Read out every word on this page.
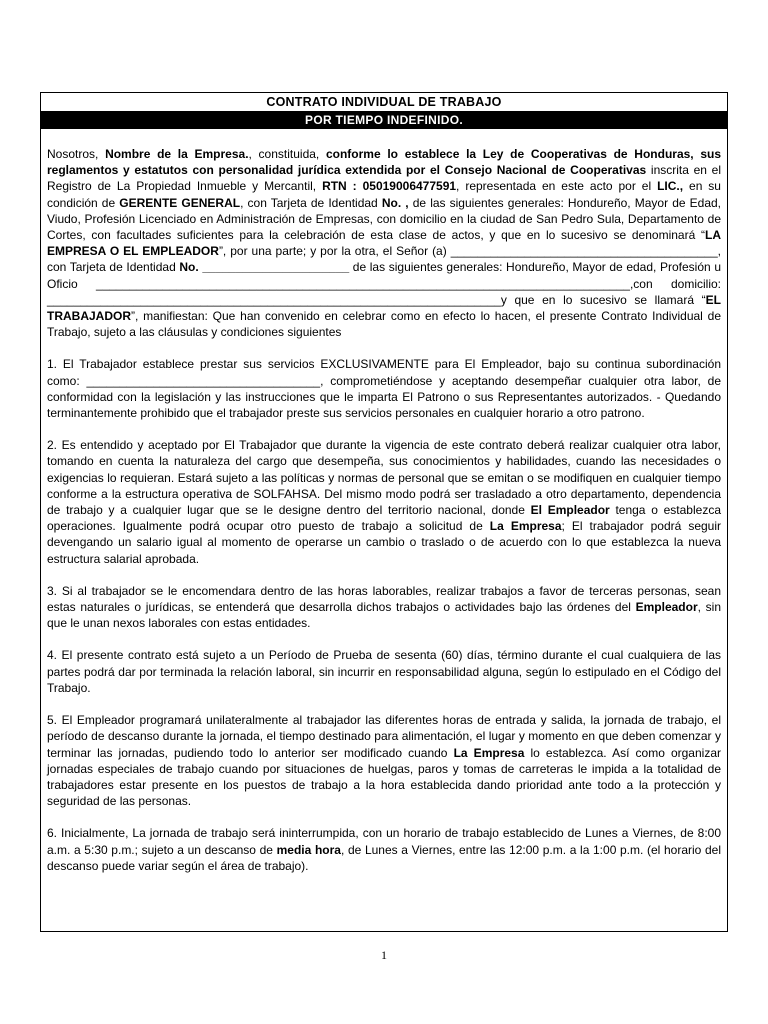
CONTRATO INDIVIDUAL DE TRABAJO
POR TIEMPO INDEFINIDO.

Nosotros, Nombre de la Empresa., constituida, conforme lo establece la Ley de Cooperativas de Honduras, sus reglamentos y estatutos con personalidad jurídica extendida por el Consejo Nacional de Cooperativas inscrita en el Registro de La Propiedad Inmueble y Mercantil, RTN : 05019006477591, representada en este acto por el LIC., en su condición de GERENTE GENERAL, con Tarjeta de Identidad No. , de las siguientes generales: Hondureño, Mayor de Edad, Viudo, Profesión Licenciado en Administración de Empresas, con domicilio en la ciudad de San Pedro Sula, Departamento de Cortes, con facultades suficientes para la celebración de esta clase de actos, y que en lo sucesivo se denominará “LA EMPRESA O EL EMPLEADOR”, por una parte; y por la otra, el Señor (a) ________________________________________, con Tarjeta de Identidad No. ______________________ de las siguientes generales: Hondureño, Mayor de edad, Profesión u Oficio ________________________________________________________________________________,con domicilio: ____________________________________________________________________y que en lo sucesivo se llamará “EL TRABAJADOR”, manifiestan: Que han convenido en celebrar como en efecto lo hacen, el presente Contrato Individual de Trabajo, sujeto a las cláusulas y condiciones siguientes

1. El Trabajador establece prestar sus servicios EXCLUSIVAMENTE para El Empleador, bajo su continua subordinación como: ___________________________________, comprometiéndose y aceptando desempeñar cualquier otra labor, de conformidad con la legislación y las instrucciones que le imparta El Patrono o sus Representantes autorizados. - Quedando terminantemente prohibido que el trabajador preste sus servicios personales en cualquier horario a otro patrono.

2. Es entendido y aceptado por El Trabajador que durante la vigencia de este contrato deberá realizar cualquier otra labor, tomando en cuenta la naturaleza del cargo que desempeña, sus conocimientos y habilidades, cuando las necesidades o exigencias lo requieran. Estará sujeto a las políticas y normas de personal que se emitan o se modifiquen en cualquier tiempo conforme a la estructura operativa de SOLFAHSA. Del mismo modo podrá ser trasladado a otro departamento, dependencia de trabajo y a cualquier lugar que se le designe dentro del territorio nacional, donde El Empleador tenga o establezca operaciones. Igualmente podrá ocupar otro puesto de trabajo a solicitud de La Empresa; El trabajador podrá seguir devengando un salario igual al momento de operarse un cambio o traslado o de acuerdo con lo que establezca la nueva estructura salarial aprobada.

3. Si al trabajador se le encomendara dentro de las horas laborables, realizar trabajos a favor de terceras personas, sean estas naturales o jurídicas, se entenderá que desarrolla dichos trabajos o actividades bajo las órdenes del Empleador, sin que le unan nexos laborales con estas entidades.

4. El presente contrato está sujeto a un Período de Prueba de sesenta (60) días, término durante el cual cualquiera de las partes podrá dar por terminada la relación laboral, sin incurrir en responsabilidad alguna, según lo estipulado en el Código del Trabajo.

5. El Empleador programará unilateralmente al trabajador las diferentes horas de entrada y salida, la jornada de trabajo, el período de descanso durante la jornada, el tiempo destinado para alimentación, el lugar y momento en que deben comenzar y terminar las jornadas, pudiendo todo lo anterior ser modificado cuando La Empresa lo establezca. Así como organizar jornadas especiales de trabajo cuando por situaciones de huelgas, paros y tomas de carreteras le impida a la totalidad de trabajadores estar presente en los puestos de trabajo a la hora establecida dando prioridad ante todo a la protección y seguridad de las personas.

6. Inicialmente, La jornada de trabajo será ininterrumpida, con un horario de trabajo establecido de Lunes a Viernes, de 8:00 a.m. a 5:30 p.m.; sujeto a un descanso de media hora, de Lunes a Viernes, entre las 12:00 p.m. a la 1:00 p.m. (el horario del descanso puede variar según el área de trabajo).

1
